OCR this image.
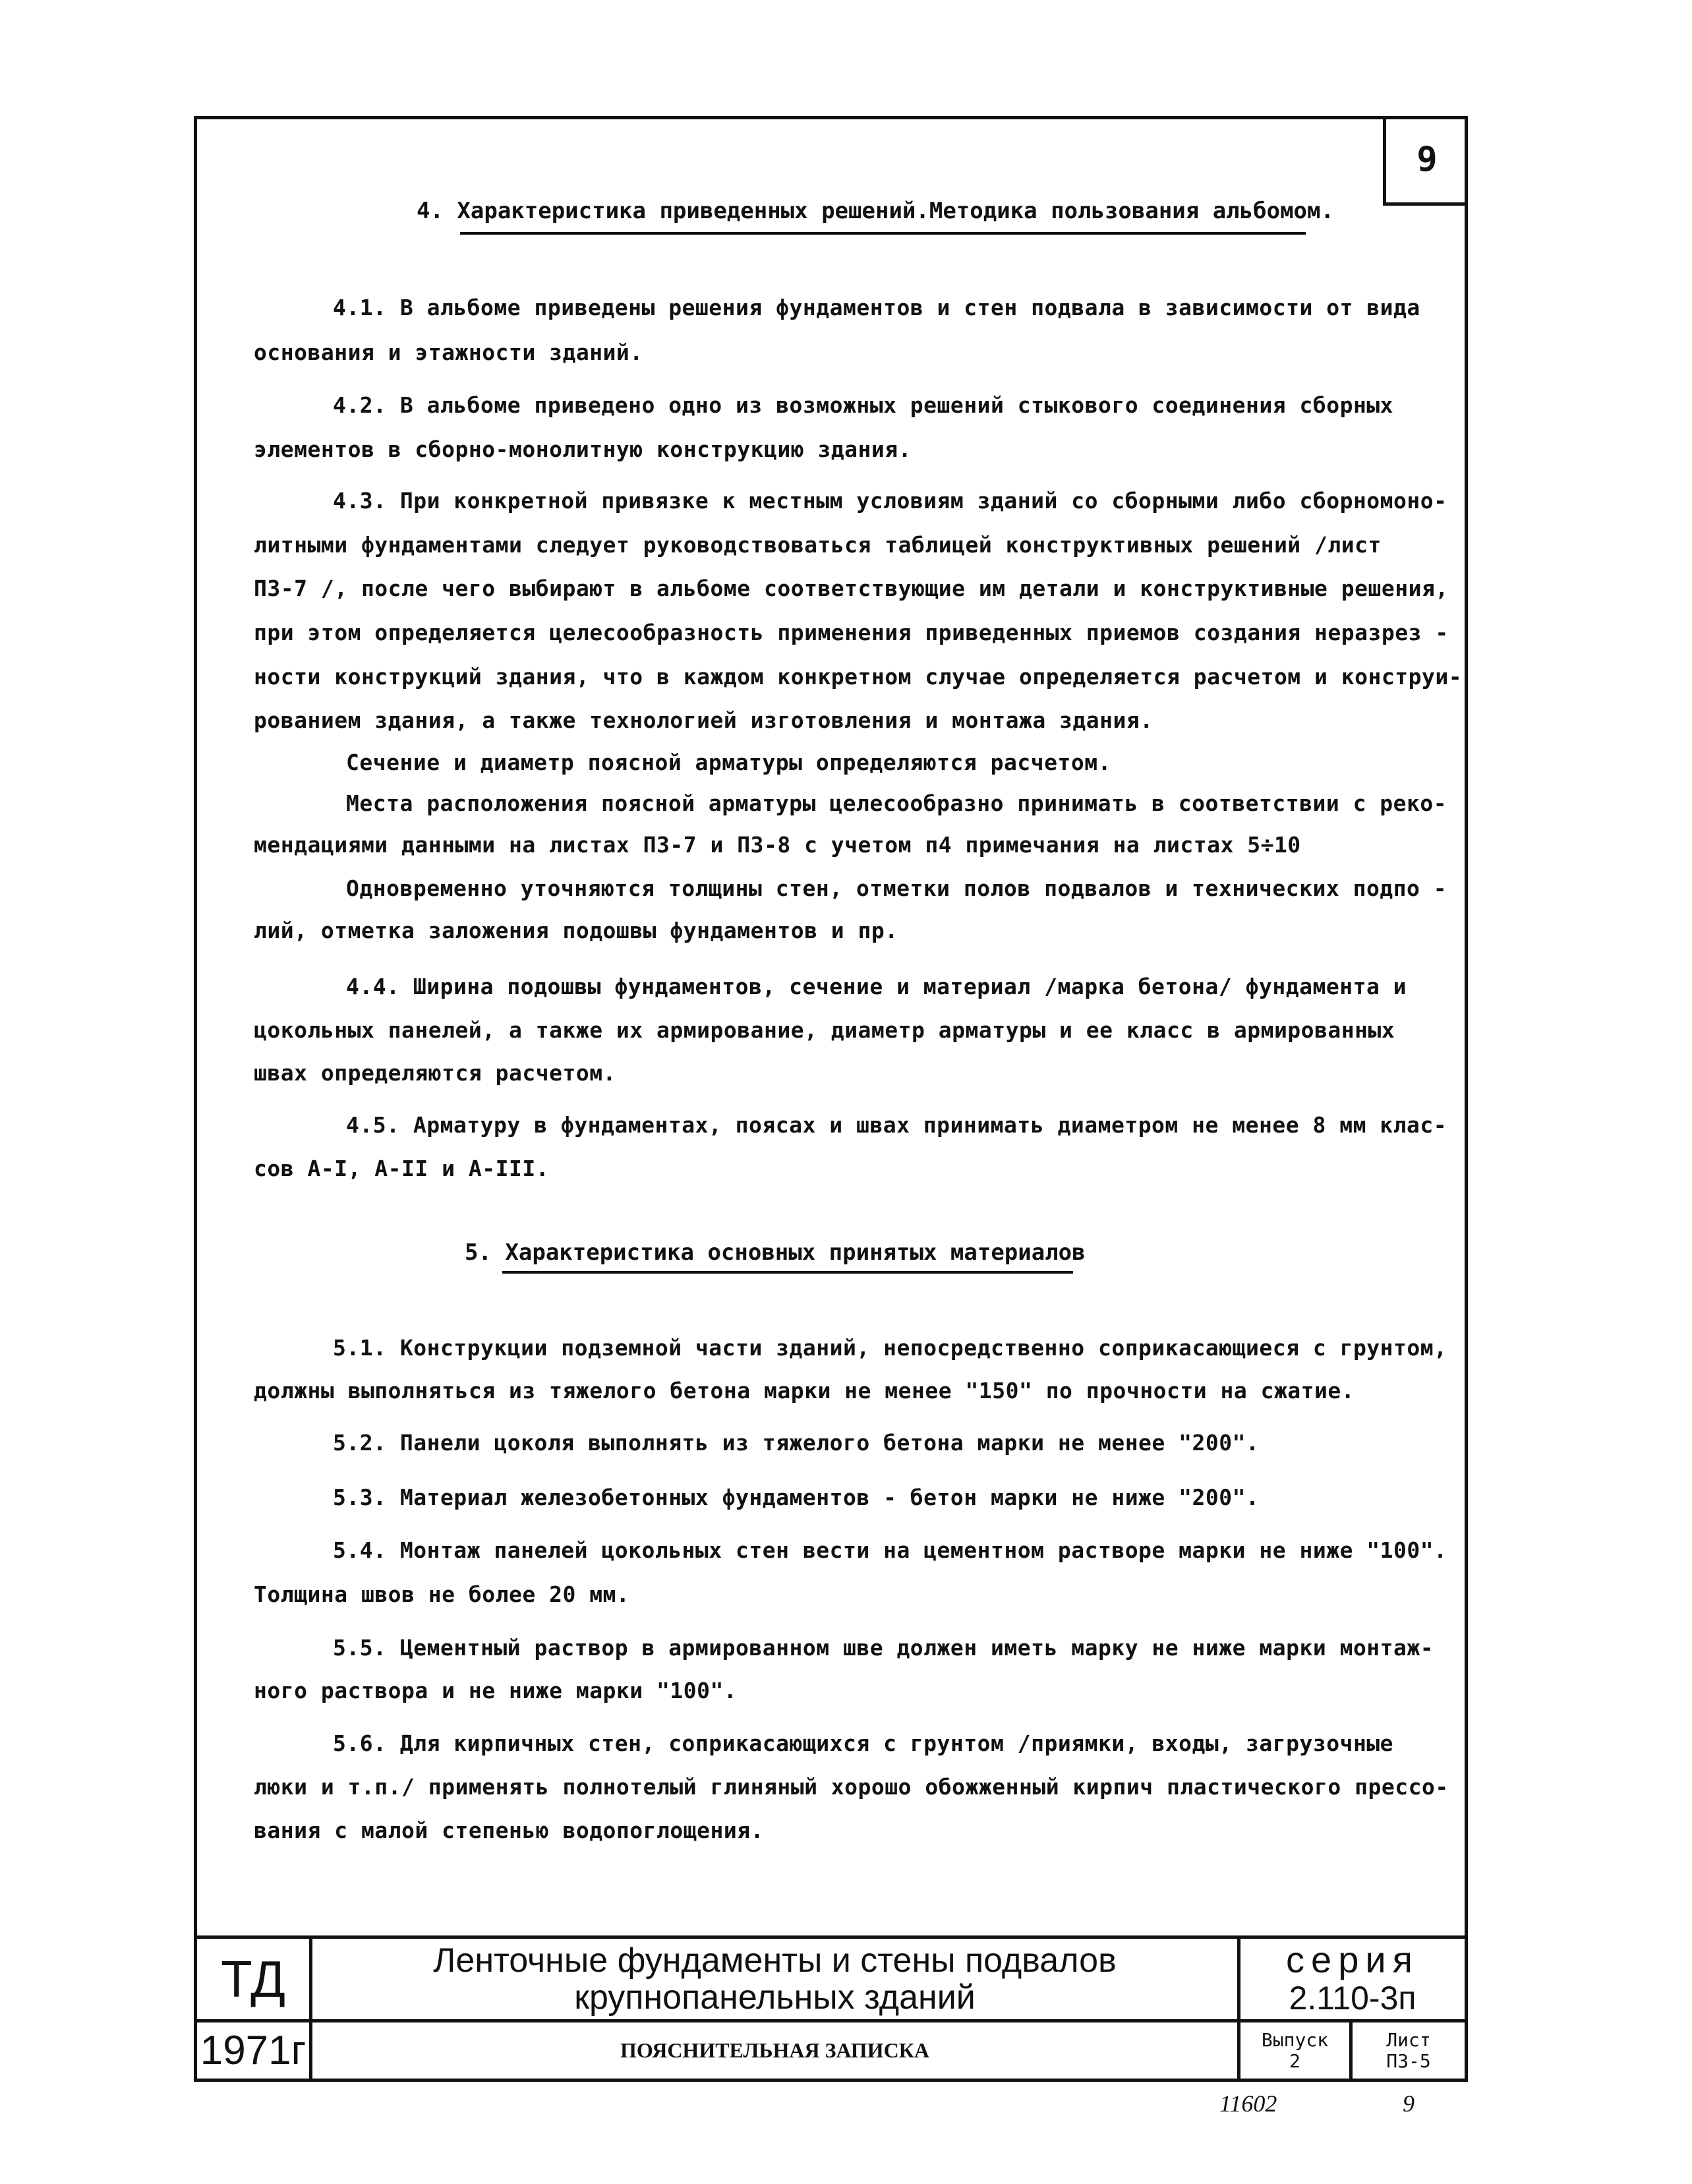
9
4. Характеристика приведенных решений.Методика пользования альбомом.
4.1. В альбоме приведены решения фундаментов и стен подвала в зависимости от вида
основания и этажности зданий.
4.2. В альбоме приведено одно из возможных решений стыкового соединения сборных
элементов в сборно-монолитную конструкцию здания.
4.3. При конкретной привязке к местным условиям зданий со сборными либо сборномоно-
литными фундаментами следует руководствоваться таблицей конструктивных решений /лист
ПЗ-7 /, после чего выбирают в альбоме соответствующие им детали и конструктивные решения,
при этом определяется целесообразность применения приведенных приемов создания неразрез -
ности конструкций здания, что в каждом конкретном случае определяется расчетом и конструи-
рованием здания, а также технологией изготовления и монтажа здания.
Сечение и диаметр поясной арматуры определяются расчетом.
Места расположения поясной арматуры целесообразно принимать в соответствии с реко-
мендациями данными на листах ПЗ-7 и ПЗ-8 с учетом п4 примечания на листах 5÷10
Одновременно уточняются толщины стен, отметки полов подвалов и технических подпо -
лий, отметка заложения подошвы фундаментов и пр.
4.4. Ширина подошвы фундаментов, сечение и материал /марка бетона/ фундамента и
цокольных панелей, а также их армирование, диаметр арматуры и ее класс в армированных
швах определяются расчетом.
4.5. Арматуру в фундаментах, поясах и швах принимать диаметром не менее 8 мм клас-
сов А-I, А-II и А-III.
5. Характеристика основных принятых материалов
5.1. Конструкции подземной части зданий, непосредственно соприкасающиеся с грунтом,
должны выполняться из тяжелого бетона марки не менее "150" по прочности на сжатие.
5.2. Панели цоколя выполнять из тяжелого бетона марки не менее "200".
5.3. Материал железобетонных фундаментов - бетон марки не ниже "200".
5.4. Монтаж панелей цокольных стен вести на цементном растворе марки не ниже "100".
Толщина швов не более 20 мм.
5.5. Цементный раствор в армированном шве должен иметь марку не ниже марки монтаж-
ного раствора и не ниже марки "100".
5.6. Для кирпичных стен, соприкасающихся с грунтом /приямки, входы, загрузочные
люки и т.п./ применять полнотелый глиняный хорошо обожженный кирпич пластического прессо-
вания с малой степенью водопоглощения.
ТД
1971г
Ленточные фундаменты и стены подвалов
крупнопанельных зданий
ПОЯСНИТЕЛЬНАЯ ЗАПИСКА
серия
2.110-3п
Выпуск
2
Лист
ПЗ-5
11602	9
